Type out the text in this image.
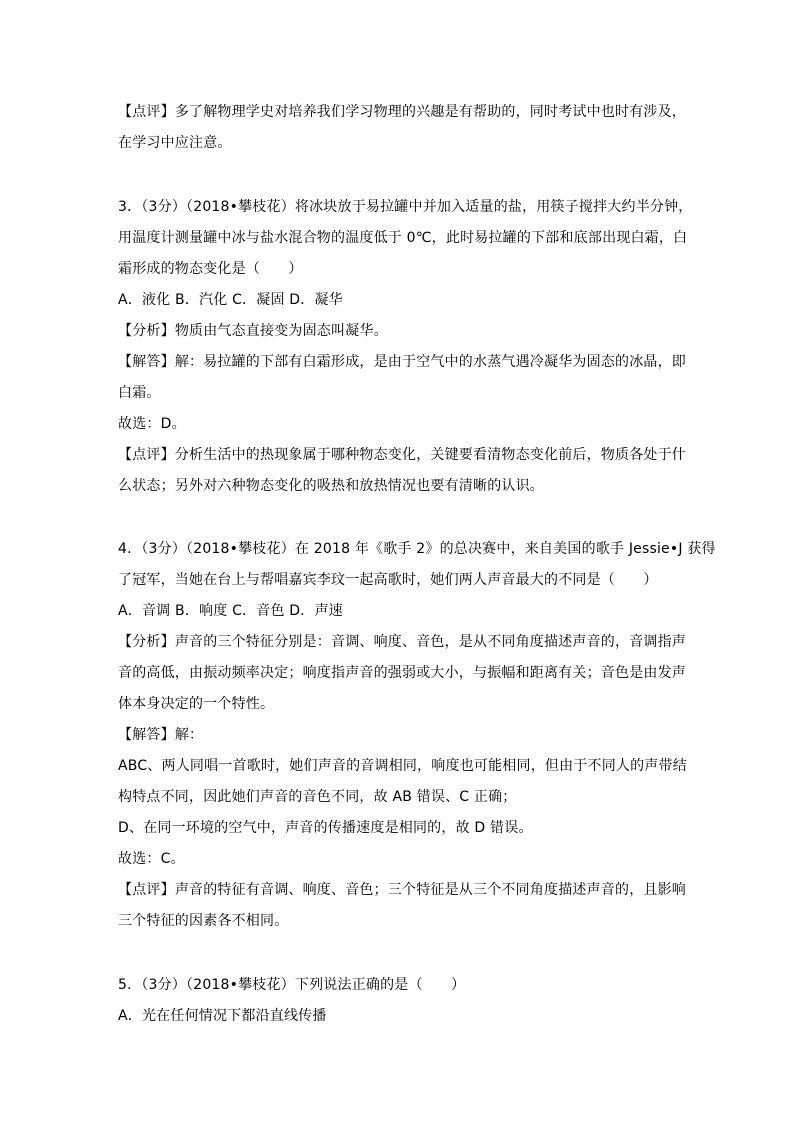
【点评】多了解物理学史对培养我们学习物理的兴趣是有帮助的，同时考试中也时有涉及，
在学习中应注意。
3．（3分）（2018•攀枝花）将冰块放于易拉罐中并加入适量的盐，用筷子搅拌大约半分钟，
用温度计测量罐中冰与盐水混合物的温度低于 0℃，此时易拉罐的下部和底部出现白霜，白
霜形成的物态变化是（　　）
A．液化 B．汽化 C．凝固 D．凝华
【分析】物质由气态直接变为固态叫凝华。
【解答】解：易拉罐的下部有白霜形成，是由于空气中的水蒸气遇冷凝华为固态的冰晶，即
白霜。
故选：D。
【点评】分析生活中的热现象属于哪种物态变化，关键要看清物态变化前后，物质各处于什
么状态；另外对六种物态变化的吸热和放热情况也要有清晰的认识。
4．（3分）（2018•攀枝花）在 2018 年《歌手 2》的总决赛中，来自美国的歌手 Jessie•J 获得
了冠军，当她在台上与帮唱嘉宾李玟一起高歌时，她们两人声音最大的不同是（　　）
A．音调 B．响度 C．音色 D．声速
【分析】声音的三个特征分别是：音调、响度、音色，是从不同角度描述声音的，音调指声
音的高低，由振动频率决定；响度指声音的强弱或大小，与振幅和距离有关；音色是由发声
体本身决定的一个特性。
【解答】解：
ABC、两人同唱一首歌时，她们声音的音调相同，响度也可能相同，但由于不同人的声带结
构特点不同，因此她们声音的音色不同，故 AB 错误、C 正确；
D、在同一环境的空气中，声音的传播速度是相同的，故 D 错误。
故选：C。
【点评】声音的特征有音调、响度、音色；三个特征是从三个不同角度描述声音的，且影响
三个特征的因素各不相同。
5．（3分）（2018•攀枝花）下列说法正确的是（　　）
A．光在任何情况下都沿直线传播
